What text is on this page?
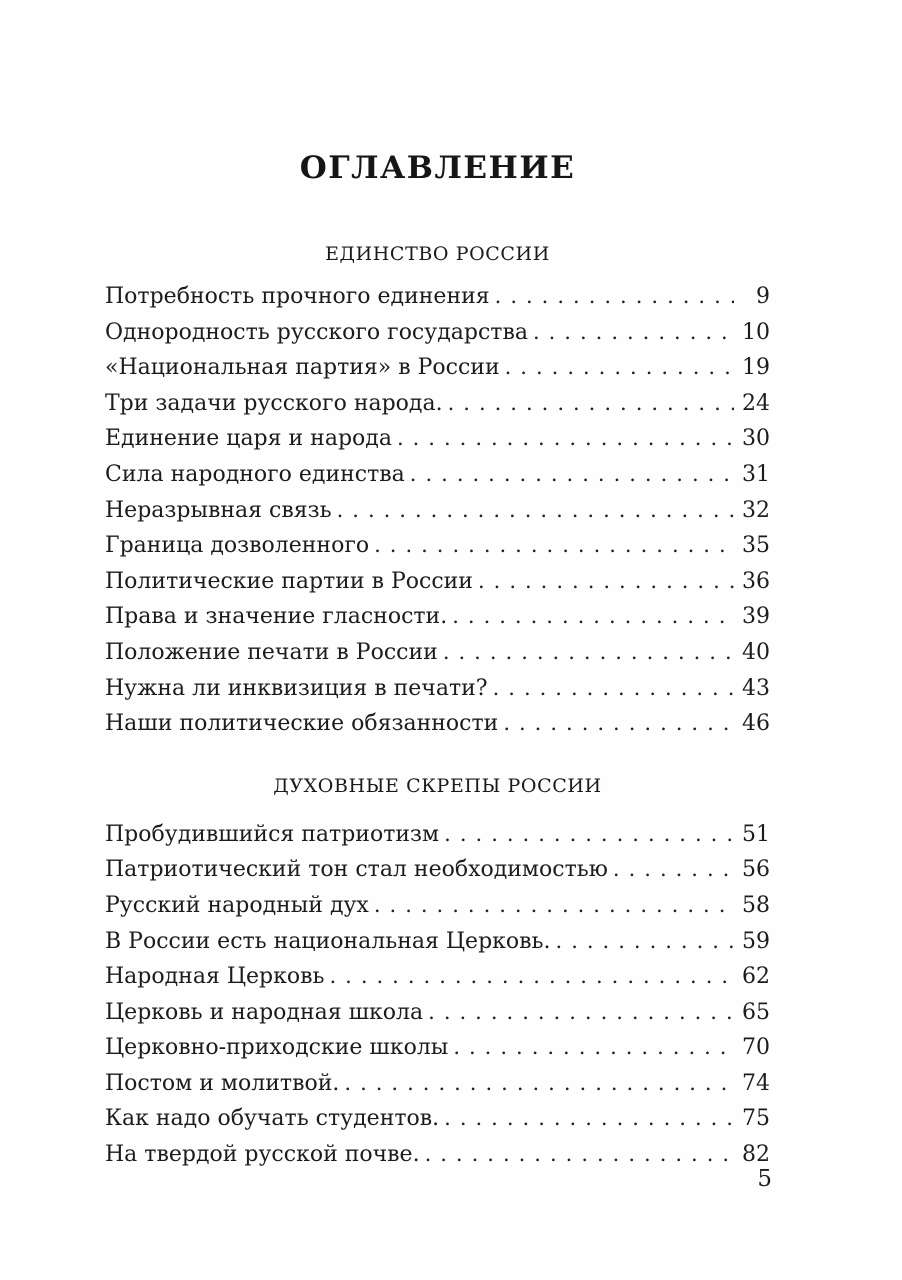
ОГЛАВЛЕНИЕ
ЕДИНСТВО РОССИИ
Потребность прочного единения .....	9
Однородность русского государства .....	10
«Национальная партия» в России .....	19
Три задачи русского народа. .....	24
Единение царя и народа .....	30
Сила народного единства .....	31
Неразрывная связь .....	32
Граница дозволенного .....	35
Политические партии в России .....	36
Права и значение гласности. .....	39
Положение печати в России .....	40
Нужна ли инквизиция в печати? .....	43
Наши политические обязанности .....	46
ДУХОВНЫЕ СКРЕПЫ РОССИИ
Пробудившийся патриотизм .....	51
Патриотический тон стал необходимостью .....	56
Русский народный дух .....	58
В России есть национальная Церковь. .....	59
Народная Церковь .....	62
Церковь и народная школа .....	65
Церковно-приходские школы .....	70
Постом и молитвой. .....	74
Как надо обучать студентов. .....	75
На твердой русской почве. .....	82
5
